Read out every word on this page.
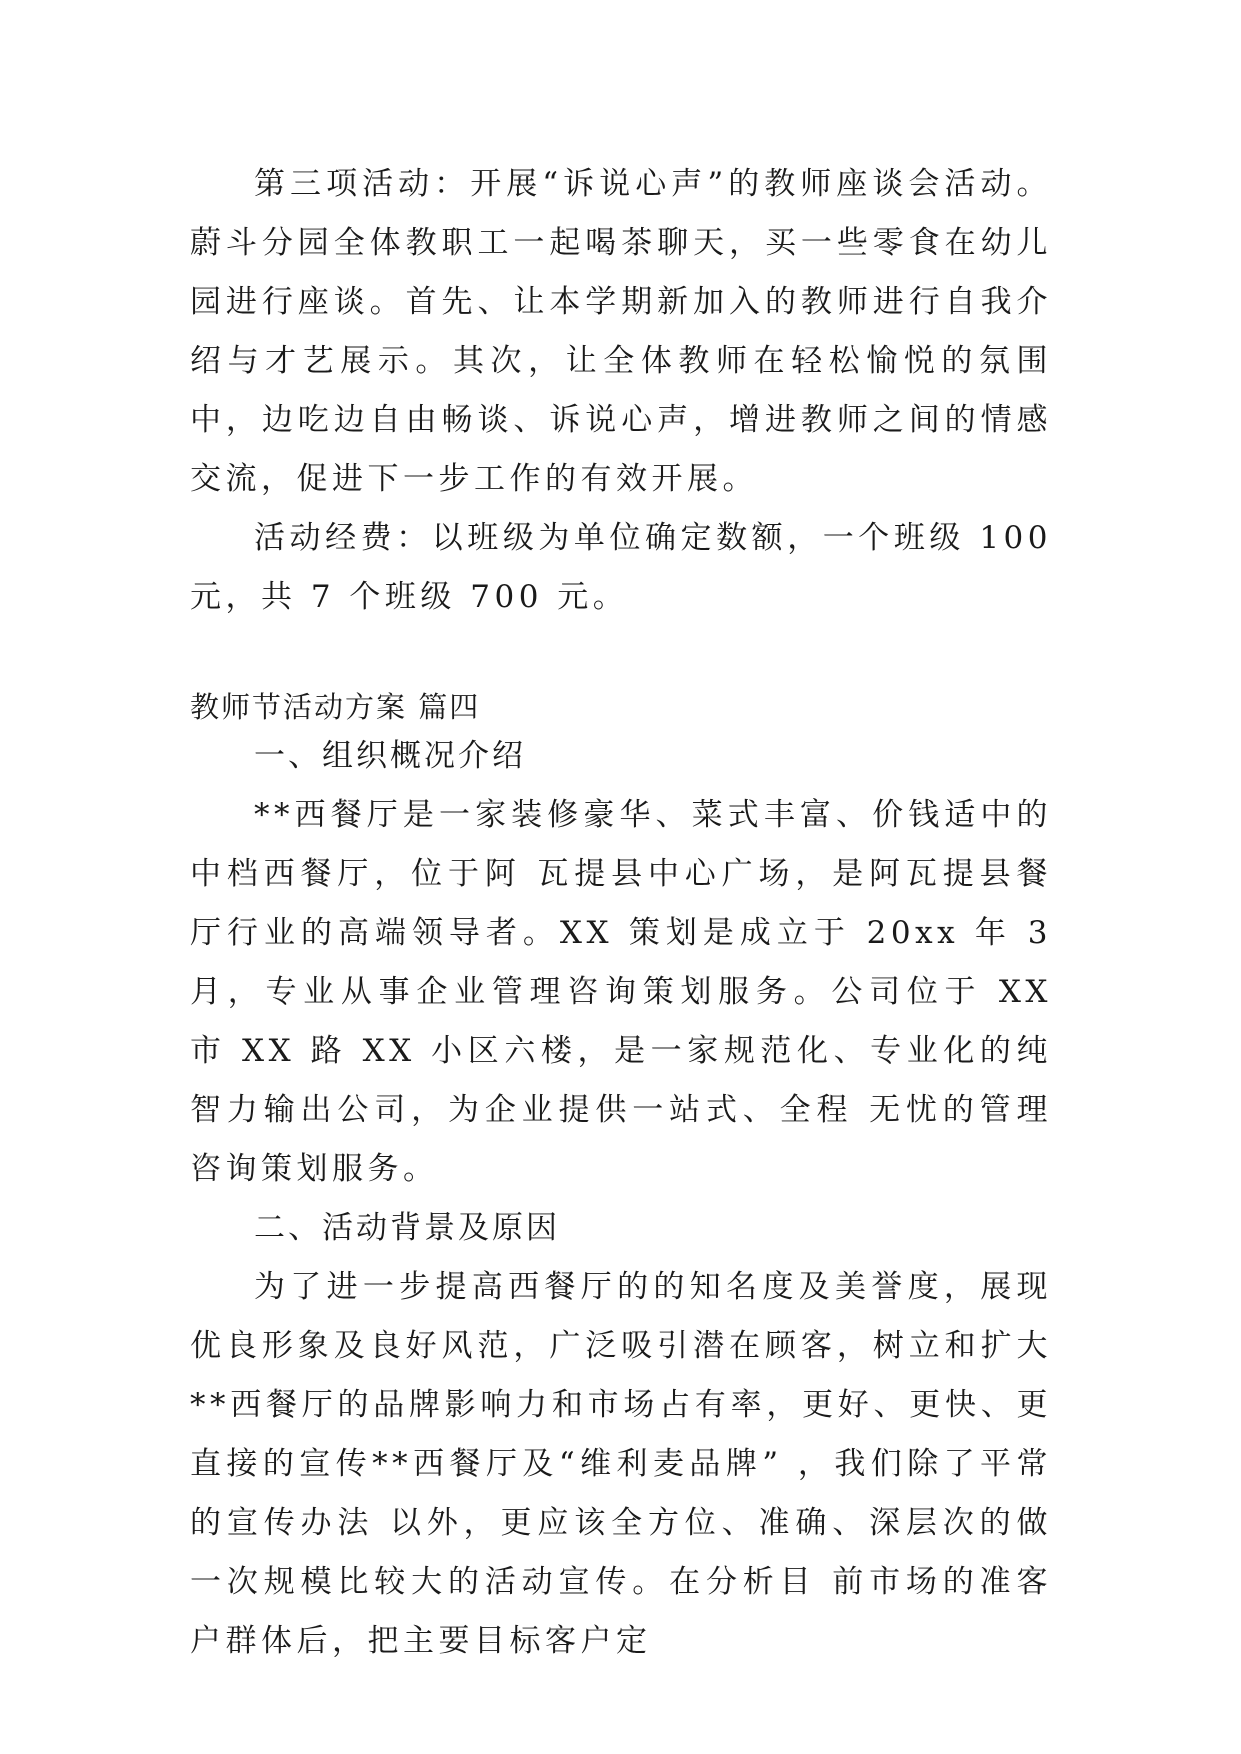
第三项活动：开展“诉说心声”的教师座谈会活动。蔚斗分园全体教职工一起喝茶聊天，买一些零食在幼儿园进行座谈。首先、让本学期新加入的教师进行自我介绍与才艺展示。其次，让全体教师在轻松愉悦的氛围中，边吃边自由畅谈、诉说心声，增进教师之间的情感交流，促进下一步工作的有效开展。

活动经费：以班级为单位确定数额，一个班级 100 元，共 7 个班级 700 元。

教师节活动方案 篇四

一、组织概况介绍

**西餐厅是一家装修豪华、菜式丰富、价钱适中的中档西餐厅，位于阿 瓦提县中心广场，是阿瓦提县餐厅行业的高端领导者。XX 策划是成立于 20xx 年 3 月，专业从事企业管理咨询策划服务。公司位于 XX 市 XX 路 XX 小区六楼，是一家规范化、专业化的纯智力输出公司，为企业提供一站式、全程 无忧的管理咨询策划服务。

二、活动背景及原因

为了进一步提高西餐厅的的知名度及美誉度，展现优良形象及良好风范，广泛吸引潜在顾客，树立和扩大**西餐厅的品牌影响力和市场占有率，更好、更快、更直接的宣传**西餐厅及“维利麦品牌” ，我们除了平常的宣传办法 以外，更应该全方位、准确、深层次的做一次规模比较大的活动宣传。在分析目 前市场的准客户群体后，把主要目标客户定
